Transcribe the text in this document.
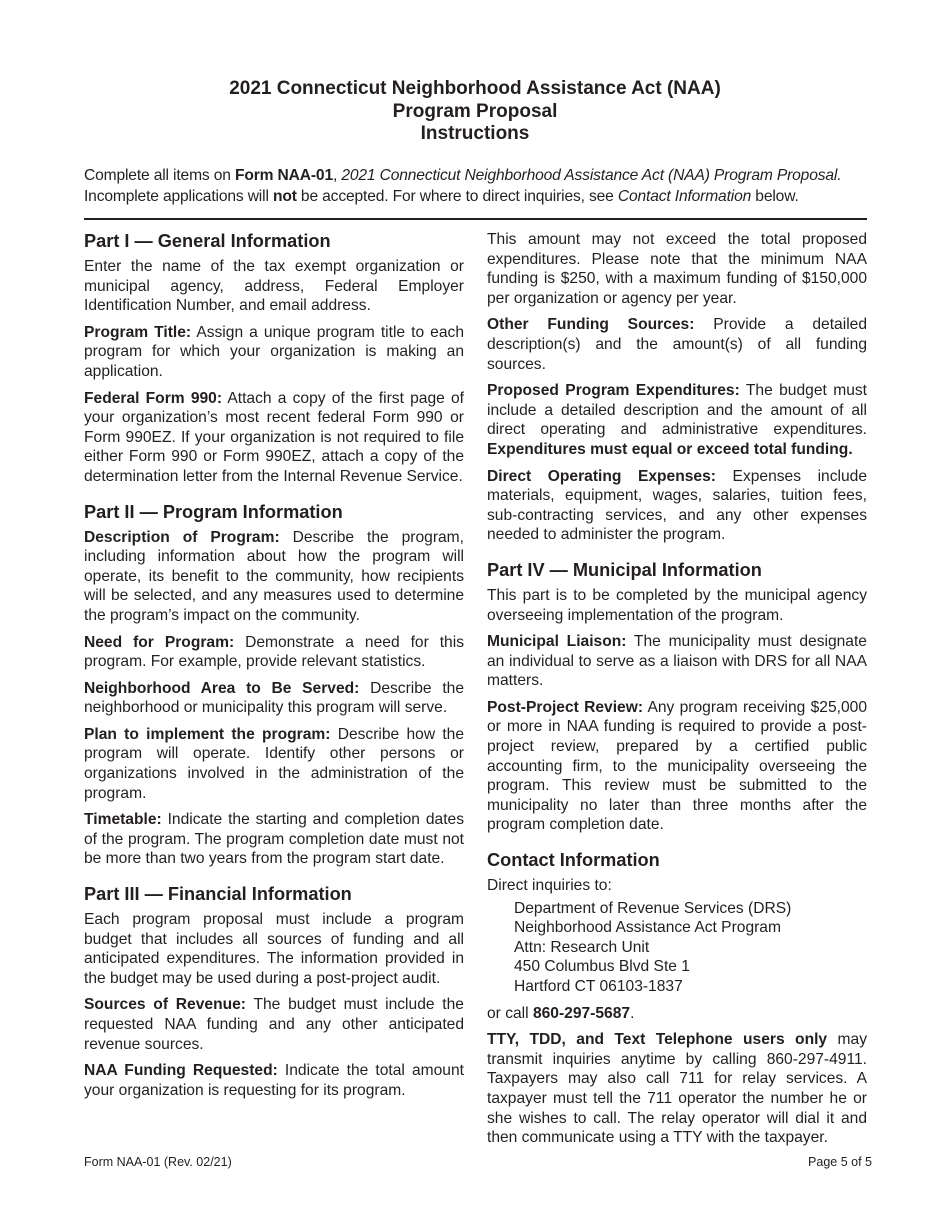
2021 Connecticut Neighborhood Assistance Act (NAA)
Program Proposal
Instructions
Complete all items on Form NAA-01, 2021 Connecticut Neighborhood Assistance Act (NAA) Program Proposal. Incomplete applications will not be accepted. For where to direct inquiries, see Contact Information below.
Part I — General Information

Enter the name of the tax exempt organization or municipal agency, address, Federal Employer Identification Number, and email address.

Program Title: Assign a unique program title to each program for which your organization is making an application.

Federal Form 990: Attach a copy of the first page of your organization’s most recent federal Form 990 or Form 990EZ. If your organization is not required to file either Form 990 or Form 990EZ, attach a copy of the determination letter from the Internal Revenue Service.

Part II — Program Information

Description of Program: Describe the program, including information about how the program will operate, its benefit to the community, how recipients will be selected, and any measures used to determine the program’s impact on the community.

Need for Program: Demonstrate a need for this program. For example, provide relevant statistics.

Neighborhood Area to Be Served: Describe the neighborhood or municipality this program will serve.

Plan to implement the program: Describe how the program will operate. Identify other persons or organizations involved in the administration of the program.

Timetable: Indicate the starting and completion dates of the program. The program completion date must not be more than two years from the program start date.

Part III — Financial Information

Each program proposal must include a program budget that includes all sources of funding and all anticipated expenditures. The information provided in the budget may be used during a post-project audit.

Sources of Revenue: The budget must include the requested NAA funding and any other anticipated revenue sources.

NAA Funding Requested: Indicate the total amount your organization is requesting for its program.

This amount may not exceed the total proposed expenditures. Please note that the minimum NAA funding is $250, with a maximum funding of $150,000 per organization or agency per year.

Other Funding Sources: Provide a detailed description(s) and the amount(s) of all funding sources.

Proposed Program Expenditures: The budget must include a detailed description and the amount of all direct operating and administrative expenditures. Expenditures must equal or exceed total funding.

Direct Operating Expenses: Expenses include materials, equipment, wages, salaries, tuition fees, sub-contracting services, and any other expenses needed to administer the program.

Part IV — Municipal Information

This part is to be completed by the municipal agency overseeing implementation of the program.

Municipal Liaison: The municipality must designate an individual to serve as a liaison with DRS for all NAA matters.

Post-Project Review: Any program receiving $25,000 or more in NAA funding is required to provide a post-project review, prepared by a certified public accounting firm, to the municipality overseeing the program. This review must be submitted to the municipality no later than three months after the program completion date.

Contact Information

Direct inquiries to:

Department of Revenue Services (DRS)
Neighborhood Assistance Act Program
Attn: Research Unit
450 Columbus Blvd Ste 1
Hartford CT 06103-1837

or call 860-297-5687.

TTY, TDD, and Text Telephone users only may transmit inquiries anytime by calling 860-297-4911. Taxpayers may also call 711 for relay services. A taxpayer must tell the 711 operator the number he or she wishes to call. The relay operator will dial it and then communicate using a TTY with the taxpayer.

Form NAA-01 (Rev. 02/21)	Page 5 of 5
